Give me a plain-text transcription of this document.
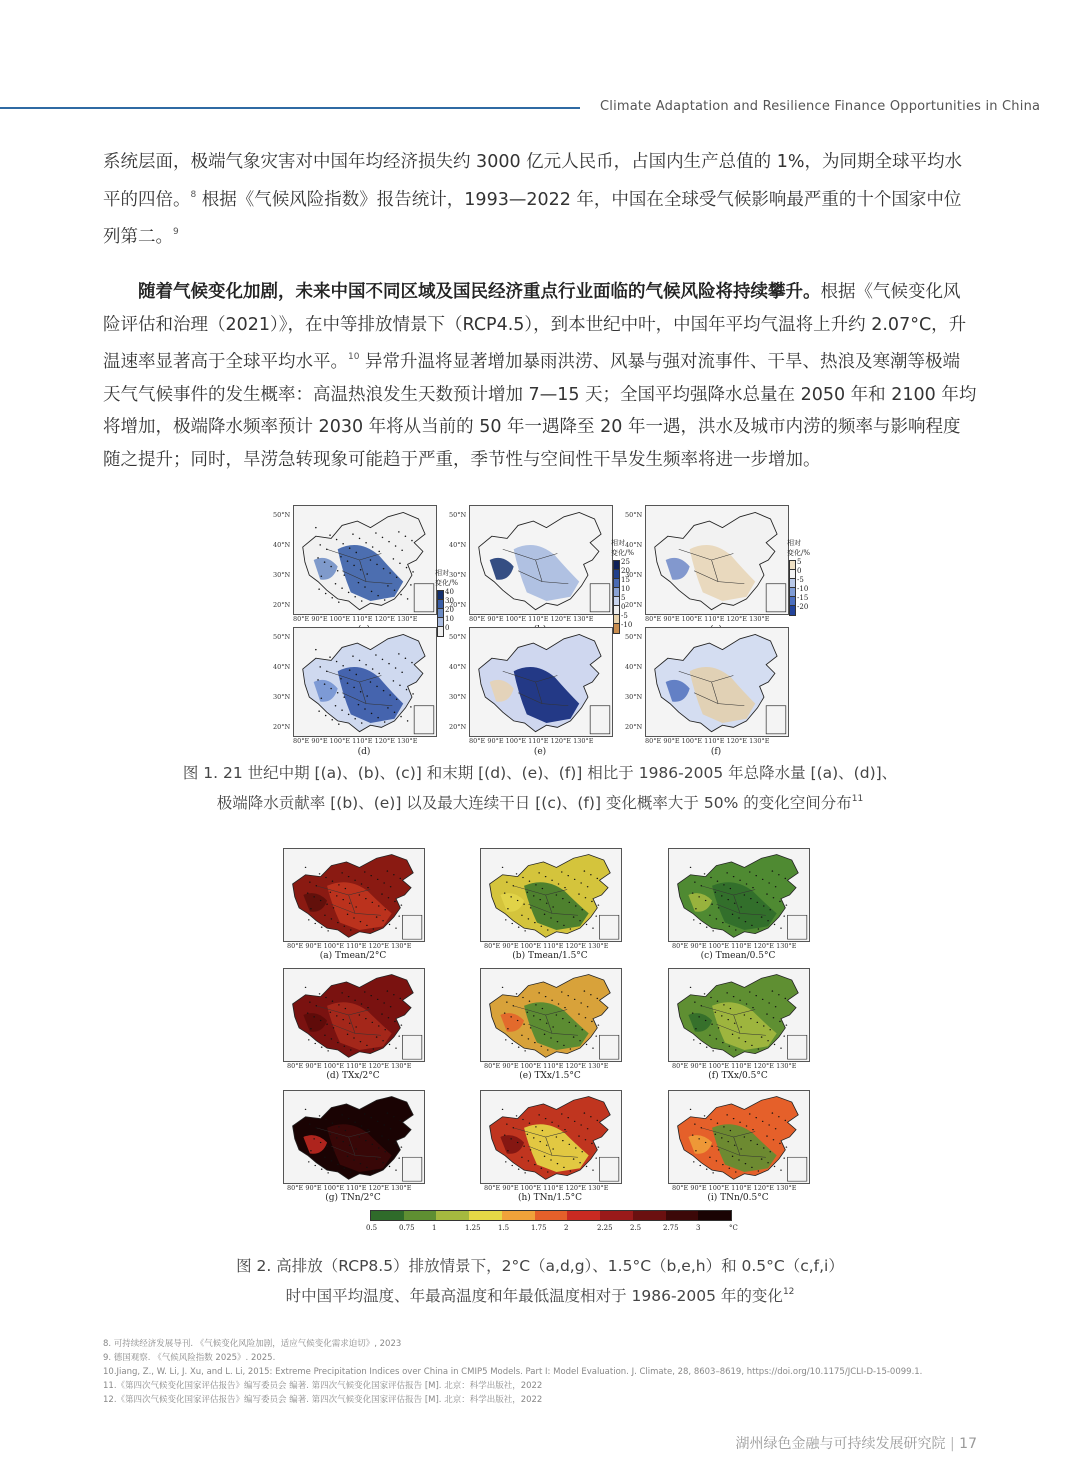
Climate Adaptation and Resilience Finance Opportunities in China
系统层面，极端气象灾害对中国年均经济损失约 3000 亿元人民币，占国内生产总值的 1%，为同期全球平均水平的四倍。$^8$ 根据《气候风险指数》报告统计，1993—2022 年，中国在全球受气候影响最严重的十个国家中位列第二。$^9$
随着气候变化加剧，未来中国不同区域及国民经济重点行业面临的气候风险将持续攀升。根据《气候变化风险评估和治理（2021）》，在中等排放情景下（RCP4.5），到本世纪中叶，中国年平均气温将上升约 2.07°C，升温速率显著高于全球平均水平。$^{10}$ 异常升温将显著增加暴雨洪涝、风暴与强对流事件、干旱、热浪及寒潮等极端天气气候事件的发生概率：高温热浪发生天数预计增加 7—15 天；全国平均强降水总量在 2050 年和 2100 年均将增加，极端降水频率预计 2030 年将从当前的 50 年一遇降至 20 年一遇，洪水及城市内涝的频率与影响程度随之提升；同时，旱涝急转现象可能趋于严重，季节性与空间性干旱发生频率将进一步增加。
50°N
40°N
30°N
20°N
80°E 90°E 100°E 110°E 120°E 130°E
50°N
40°N
30°N
20°N
80°E 90°E 100°E 110°E 120°E 130°E
50°N
40°N
30°N
20°N
80°E 90°E 100°E 110°E 120°E 130°E
50°N
40°N
30°N
20°N
80°E 90°E 100°E 110°E 120°E 130°E
(d)
50°N
40°N
30°N
20°N
80°E 90°E 100°E 110°E 120°E 130°E
(e)
50°N
40°N
30°N
20°N
80°E 90°E 100°E 110°E 120°E 130°E
(f)
相对
变化/%
40
30
20
10
0
相对
变化/%
25
20
15
10
5
0
-5
-10
相对
变化/%
5
0
-5
-10
-15
-20
图 1. 21 世纪中期 [(a)、(b)、(c)] 和末期 [(d)、(e)、(f)] 相比于 1986-2005 年总降水量 [(a)、(d)]、
极端降水贡献率 [(b)、(e)] 以及最大连续干日 [(c)、(f)] 变化概率大于 50% 的变化空间分布$^{11}$
80°E 90°E 100°E 110°E 120°E 130°E
(a) Tmean/2°C
80°E 90°E 100°E 110°E 120°E 130°E
(b) Tmean/1.5°C
80°E 90°E 100°E 110°E 120°E 130°E
(c) Tmean/0.5°C
80°E 90°E 100°E 110°E 120°E 130°E
(d) TXx/2°C
80°E 90°E 100°E 110°E 120°E 130°E
(e) TXx/1.5°C
80°E 90°E 100°E 110°E 120°E 130°E
(f) TXx/0.5°C
80°E 90°E 100°E 110°E 120°E 130°E
(g) TNn/2°C
80°E 90°E 100°E 110°E 120°E 130°E
(h) TNn/1.5°C
80°E 90°E 100°E 110°E 120°E 130°E
(i) TNn/0.5°C
0.5	0.75 1	1.25 1.5	1.75 2	2.25 2.5	2.75 3	°C
图 2. 高排放（RCP8.5）排放情景下，2°C（a,d,g）、1.5°C（b,e,h）和 0.5°C（c,f,i）
时中国平均温度、年最高温度和年最低温度相对于 1986-2005 年的变化$^{12}$
8. 可持续经济发展导刊. 《气候变化风险加剧，适应气候变化需求迫切》, 2023
9. 德国观察. 《气候风险指数 2025》. 2025.
10.Jiang, Z., W. Li, J. Xu, and L. Li, 2015: Extreme Precipitation Indices over China in CMIP5 Models. Part I: Model Evaluation. J. Climate, 28, 8603–8619, https://doi.org/10.1175/JCLI-D-15-0099.1.
11.《第四次气候变化国家评估报告》编写委员会 编著. 第四次气候变化国家评估报告 [M]. 北京：科学出版社，2022
12.《第四次气候变化国家评估报告》编写委员会 编著. 第四次气候变化国家评估报告 [M]. 北京：科学出版社，2022
湖州绿色金融与可持续发展研究院 | 17
